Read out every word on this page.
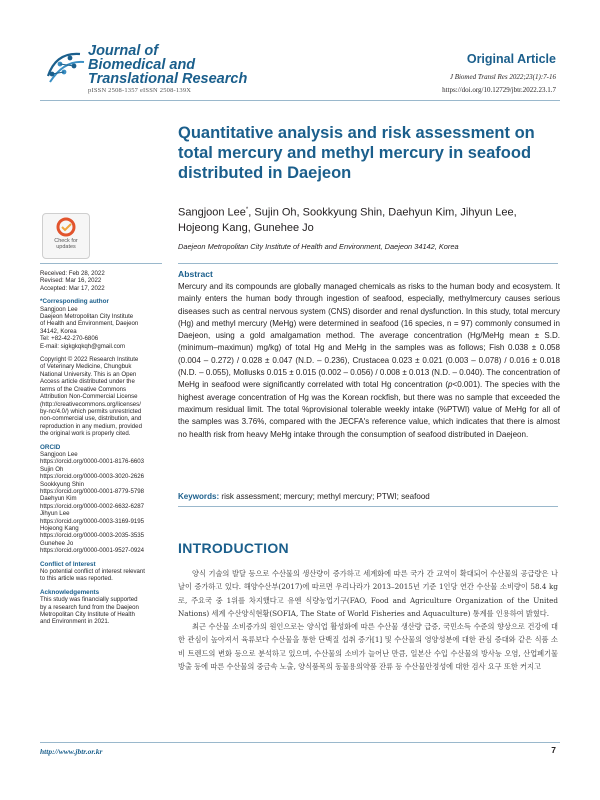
Journal of
Biomedical and
Translational Research
pISSN 2508-1357 eISSN 2508-139X
Original Article
J Biomed Transl Res 2022;23(1):7-16
https://doi.org/10.12729/jbtr.2022.23.1.7
Quantitative analysis and risk assessment on total mercury and methyl mercury in seafood distributed in Daejeon
Sangjoon Lee*, Sujin Oh, Sookkyung Shin, Daehyun Kim, Jihyun Lee, Hojeong Kang, Gunehee Jo
Daejeon Metropolitan City Institute of Health and Environment, Daejeon 34142, Korea
Check for
updates
Received: Feb 28, 2022
Revised: Mar 16, 2022
Accepted: Mar 17, 2022
*Corresponding author
Sangjoon Lee
Daejeon Metropolitan City Institute
of Health and Environment, Daejeon
34142, Korea
Tel: +82-42-270-6806
E-mail: sigkgkqkqh@gmail.com
Copyright © 2022 Research Institute
of Veterinary Medicine, Chungbuk
National University. This is an Open
Access article distributed under the
terms of the Creative Commons
Attribution Non-Commercial License
(http://creativecommons.org/licenses/
by-nc/4.0/) which permits unrestricted
non-commercial use, distribution, and
reproduction in any medium, provided
the original work is properly cited.
ORCID
Sangjoon Lee
https://orcid.org/0000-0001-8176-6603
Sujin Oh
https://orcid.org/0000-0003-3020-2626
Sookkyung Shin
https://orcid.org/0000-0001-8779-5798
Daehyun Kim
https://orcid.org/0000-0002-6632-6287
Jihyun Lee
https://orcid.org/0000-0003-3169-9195
Hojeong Kang
https://orcid.org/0000-0003-2035-3535
Gunehee Jo
https://orcid.org/0000-0001-9527-0924
Conflict of Interest
No potential conflict of interest relevant
to this article was reported.
Acknowledgements
This study was financially supported
by a research fund from the Daejeon
Metropolitan City Institute of Health
and Environment in 2021.
Abstract
Mercury and its compounds are globally managed chemicals as risks to the human body and ecosystem. It mainly enters the human body through ingestion of seafood, especially, methylmercury causes serious diseases such as central nervous system (CNS) disorder and renal dysfunction. In this study, total mercury (Hg) and methyl mercury (MeHg) were determined in seafood (16 species, n = 97) commonly consumed in Daejeon, using a gold amalgamation method. The average concentration (Hg/MeHg mean ± S.D. (minimum–maximun) mg/kg) of total Hg and MeHg in the samples was as follows; Fish 0.038 ± 0.058 (0.004 – 0.272) / 0.028 ± 0.047 (N.D. – 0.236), Crustacea 0.023 ± 0.021 (0.003 – 0.078) / 0.016 ± 0.018 (N.D. – 0.055), Mollusks 0.015 ± 0.015 (0.002 – 0.056) / 0.008 ± 0.013 (N.D. – 0.040). The concentration of MeHg in seafood were significantly correlated with total Hg concentration (p<0.001). The species with the highest average concentration of Hg was the Korean rockfish, but there was no sample that exceeded the maximum residual limit. The total %provisional tolerable weekly intake (%PTWI) value of MeHg for all of the samples was 3.76%, compared with the JECFA's reference value, which indicates that there is almost no health risk from heavy MeHg intake through the consumption of seafood distributed in Daejeon.
Keywords: risk assessment; mercury; methyl mercury; PTWI; seafood
INTRODUCTION

양식 기술의 발달 등으로 수산물의 생산량이 증가하고 세계화에 따른 국가 간 교역이 확대되어 수산물의 공급량은 나날이 증가하고 있다. 해양수산부(2017)에 따르면 우리나라가 2013–2015년 기준 1인당 연간 수산물 소비량이 58.4 kg로, 주요국 중 1위를 차지했다고 유엔 식량농업기구(FAO, Food and Agriculture Organization of the United Nations) 세계 수산양식현황(SOFIA, The State of World Fisheries and Aquaculture) 통계를 인용하여 밝혔다.

최근 수산물 소비증가의 원인으로는 양식업 활성화에 따른 수산물 생산량 급증, 국민소득 수준의 향상으로 건강에 대한 관심이 높아져서 육류보다 수산물을 통한 단백질 섭취 증가[1] 및 수산물의 영양성분에 대한 관심 증대와 같은 식품 소비 트렌드의 변화 등으로 분석하고 있으며, 수산물의 소비가 늘어난 만큼, 일본산 수입 수산물의 방사능 오염, 산업폐기물 방출 등에 따른 수산물의 중금속 노출, 양식품목의 동물용의약품 잔류 등 수산물안정성에 대한 검사 요구 또한 커지고

http://www.jbtr.or.kr	7
